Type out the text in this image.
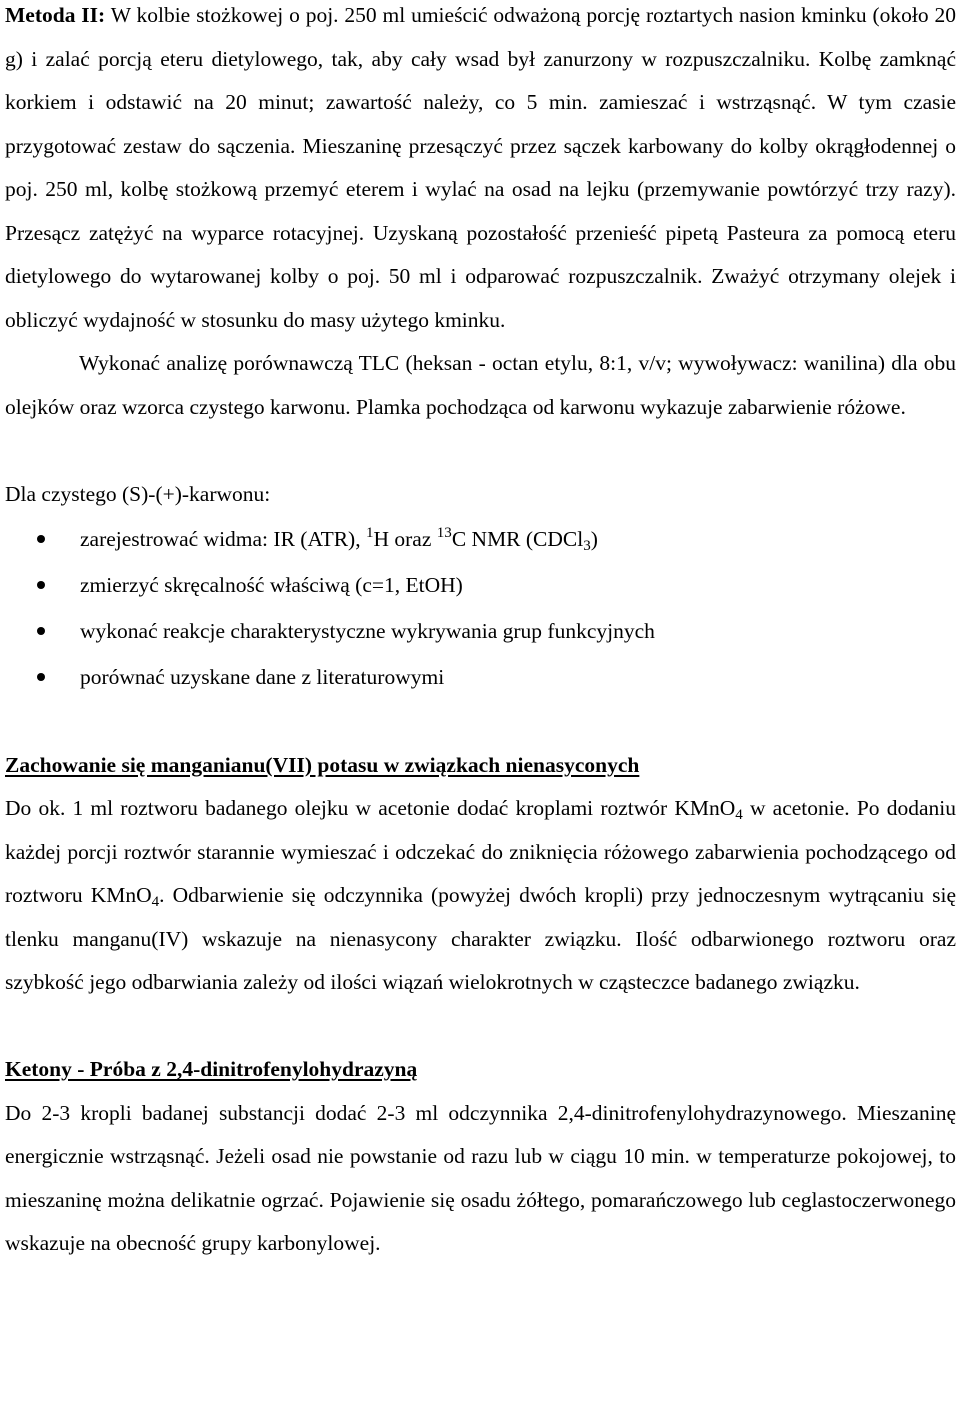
Metoda II: W kolbie stożkowej o poj. 250 ml umieścić odważoną porcję roztartych nasion kminku (około 20 g) i zalać porcją eteru dietylowego, tak, aby cały wsad był zanurzony w rozpuszczalniku. Kolbę zamknąć korkiem i odstawić na 20 minut; zawartość należy, co 5 min. zamieszać i wstrząsnąć. W tym czasie przygotować zestaw do sączenia. Mieszaninę przesączyć przez sączek karbowany do kolby okrągłodennej o poj. 250 ml, kolbę stożkową przemyć eterem i wylać na osad na lejku (przemywanie powtórzyć trzy razy). Przesącz zatężyć na wyparce rotacyjnej. Uzyskaną pozostałość przenieść pipetą Pasteura za pomocą eteru dietylowego do wytarowanej kolby o poj. 50 ml i odparować rozpuszczalnik. Zważyć otrzymany olejek i obliczyć wydajność w stosunku do masy użytego kminku.

Wykonać analizę porównawczą TLC (heksan - octan etylu, 8:1, v/v; wywoływacz: wanilina) dla obu olejków oraz wzorca czystego karwonu. Plamka pochodząca od karwonu wykazuje zabarwienie różowe.

Dla czystego (S)-(+)-karwonu:

zarejestrować widma: IR (ATR), $^1$H oraz $^{13}$C NMR (CDCl$_3$)
zmierzyć skręcalność właściwą (c=1, EtOH)
wykonać reakcje charakterystyczne wykrywania grup funkcyjnych
porównać uzyskane dane z literaturowymi

Zachowanie się manganianu(VII) potasu w związkach nienasyconych

Do ok. 1 ml roztworu badanego olejku w acetonie dodać kroplami roztwór KMnO$_4$ w acetonie. Po dodaniu każdej porcji roztwór starannie wymieszać i odczekać do zniknięcia różowego zabarwienia pochodzącego od roztworu KMnO$_4$. Odbarwienie się odczynnika (powyżej dwóch kropli) przy jednoczesnym wytrącaniu się tlenku manganu(IV) wskazuje na nienasycony charakter związku. Ilość odbarwionego roztworu oraz szybkość jego odbarwiania zależy od ilości wiązań wielokrotnych w cząsteczce badanego związku.

Ketony - Próba z 2,4-dinitrofenylohydrazyną

Do 2-3 kropli badanej substancji dodać 2-3 ml odczynnika 2,4-dinitrofenylohydrazynowego. Mieszaninę energicznie wstrząsnąć. Jeżeli osad nie powstanie od razu lub w ciągu 10 min. w temperaturze pokojowej, to mieszaninę można delikatnie ogrzać. Pojawienie się osadu żółtego, pomarańczowego lub ceglastoczerwonego wskazuje na obecność grupy karbonylowej.
